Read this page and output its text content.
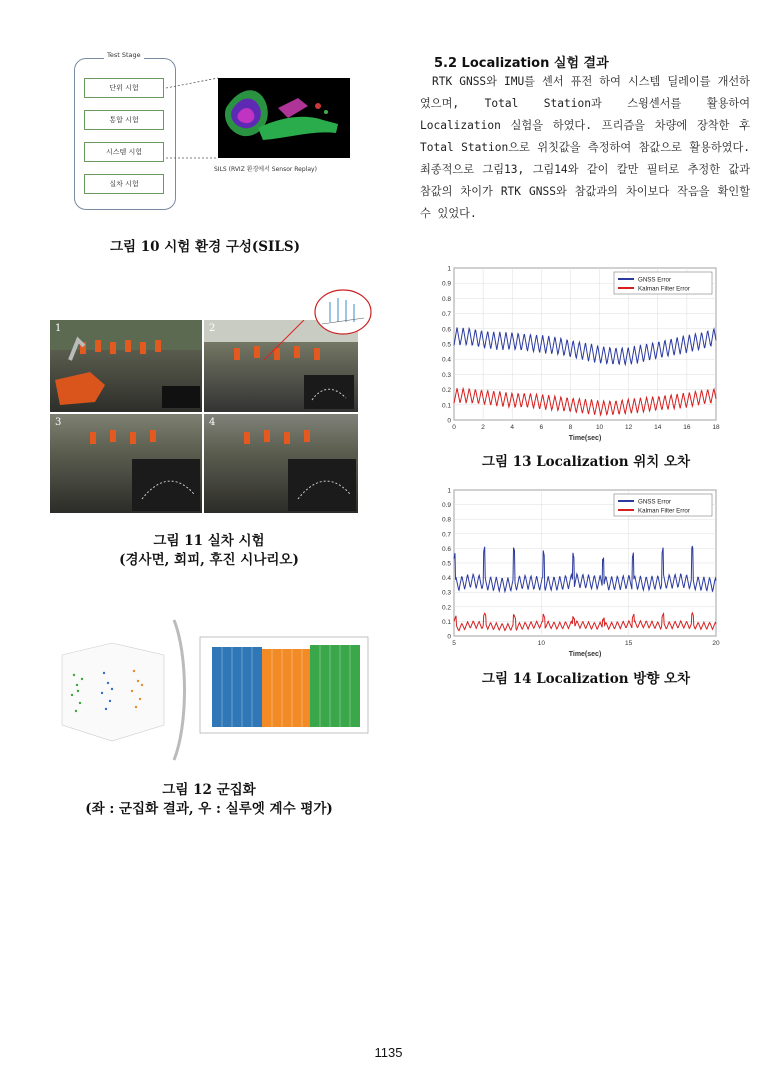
Test Stage
단위 시험
통합 시험
시스템 시험
실차 시험
SILS (RVIZ 환경에서 Sensor Replay)
그림 10 시험 환경 구성(SILS)
5.2 Localization 실험 결과

RTK GNSS와 IMU를 센서 퓨전 하여 시스템 딜레이를 개선하였으며, Total Station과 스윙센서를 활용하여 Localization 실험을 하였다. 프리즘을 차량에 장착한 후 Total Station으로 위칫값을 측정하여 참값으로 활용하였다. 최종적으로 그림13, 그림14와 같이 칼만 필터로 추정한 값과 참값의 차이가 RTK GNSS와 참값과의 차이보다 작음을 확인할 수 있었다.

1	2
3	4
그림 11 실차 시험
(경사면, 회피, 후진 시나리오)
그림 12 군집화
(좌 : 군집화 결과, 우 : 실루엣 계수 평가)
0
0.1
0.2
0.3
0.4
0.5
0.6
0.7
0.8
0.9
1
0	2	4	6	8	10	12	14	16	18
Time(sec)
GNSS Error
Kalman Filter Error
그림 13 Localization 위치 오차
0
0.1
0.2
0.3
0.4
0.5
0.6
0.7
0.8
0.9
1
5	10	15	20
Time(sec)
GNSS Error
Kalman Filter Error
그림 14 Localization 방향 오차
1135
